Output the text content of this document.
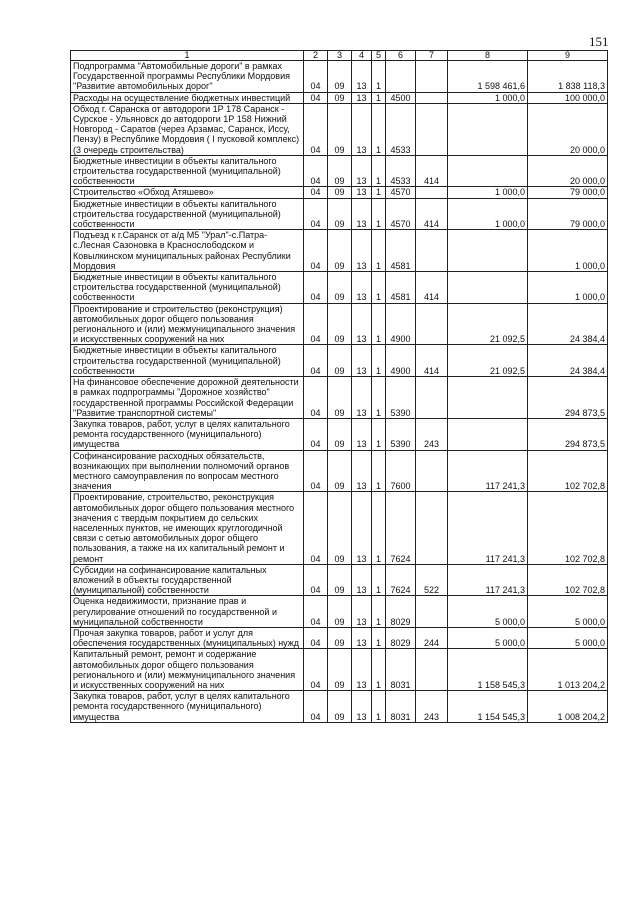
151
1	2	3	4	5	6	7	8	9
Подпрограмма "Автомобильные дороги" в рамках Государственной программы Республики Мордовия "Развитие автомобильных дорог"	04	09	13	1			1 598 461,6	1 838 118,3
Расходы на осуществление бюджетных инвестиций	04	09	13	1	4500		1 000,0	100 000,0
Обход г. Саранска от автодороги 1Р 178 Саранск - Сурское - Ульяновск до автодороги 1Р 158 Нижний Новгород - Саратов (через Арзамас, Саранск, Иссу, Пензу) в Республике Мордовия ( I пусковой комплекс) (3 очередь строительства)	04	09	13	1	4533			20 000,0
Бюджетные инвестиции в объекты капитального строительства государственной (муниципальной) собственности	04	09	13	1	4533	414		20 000,0
Строительство «Обход Атяшево»	04	09	13	1	4570		1 000,0	79 000,0
Бюджетные инвестиции в объекты капитального строительства государственной (муниципальной) собственности	04	09	13	1	4570	414	1 000,0	79 000,0
Подъезд к г.Саранск от а/д М5 "Урал"-с.Патра-с.Лесная Сазоновка в Краснослободском и Ковылкинском муниципальных районах Республики Мордовия	04	09	13	1	4581			1 000,0
Бюджетные инвестиции в объекты капитального строительства государственной (муниципальной) собственности	04	09	13	1	4581	414		1 000,0
Проектирование и строительство (реконструкция) автомобильных дорог общего пользования регионального и (или) межмуниципального значения и искусственных сооружений на них	04	09	13	1	4900		21 092,5	24 384,4
Бюджетные инвестиции в объекты капитального строительства государственной (муниципальной) собственности	04	09	13	1	4900	414	21 092,5	24 384,4
На финансовое обеспечение дорожной деятельности в рамках подпрограммы "Дорожное хозяйство" государственной программы Российской Федерации "Развитие транспортной системы"	04	09	13	1	5390			294 873,5
Закупка товаров, работ, услуг в целях капитального ремонта государственного (муниципального) имущества	04	09	13	1	5390	243		294 873,5
Софинансирование расходных обязательств, возникающих при выполнении полномочий органов местного самоуправления по вопросам местного значения	04	09	13	1	7600		117 241,3	102 702,8
Проектирование, строительство, реконструкция автомобильных дорог общего пользования местного значения с твердым покрытием до сельских населенных пунктов, не имеющих круглогодичной связи с сетью автомобильных дорог общего пользования, а также на их капитальный ремонт и ремонт	04	09	13	1	7624		117 241,3	102 702,8
Субсидии на софинансирование капитальных вложений в объекты государственной (муниципальной) собственности	04	09	13	1	7624	522	117 241,3	102 702,8
Оценка недвижимости, признание прав и регулирование отношений по государственной и муниципальной собственности	04	09	13	1	8029		5 000,0	5 000,0
Прочая закупка товаров, работ и услуг для обеспечения государственных (муниципальных) нужд	04	09	13	1	8029	244	5 000,0	5 000,0
Капитальный ремонт, ремонт и содержание автомобильных дорог общего пользования регионального и (или) межмуниципального значения и искусственных сооружений на них	04	09	13	1	8031		1 158 545,3	1 013 204,2
Закупка товаров, работ, услуг в целях капитального ремонта государственного (муниципального) имущества	04	09	13	1	8031	243	1 154 545,3	1 008 204,2
